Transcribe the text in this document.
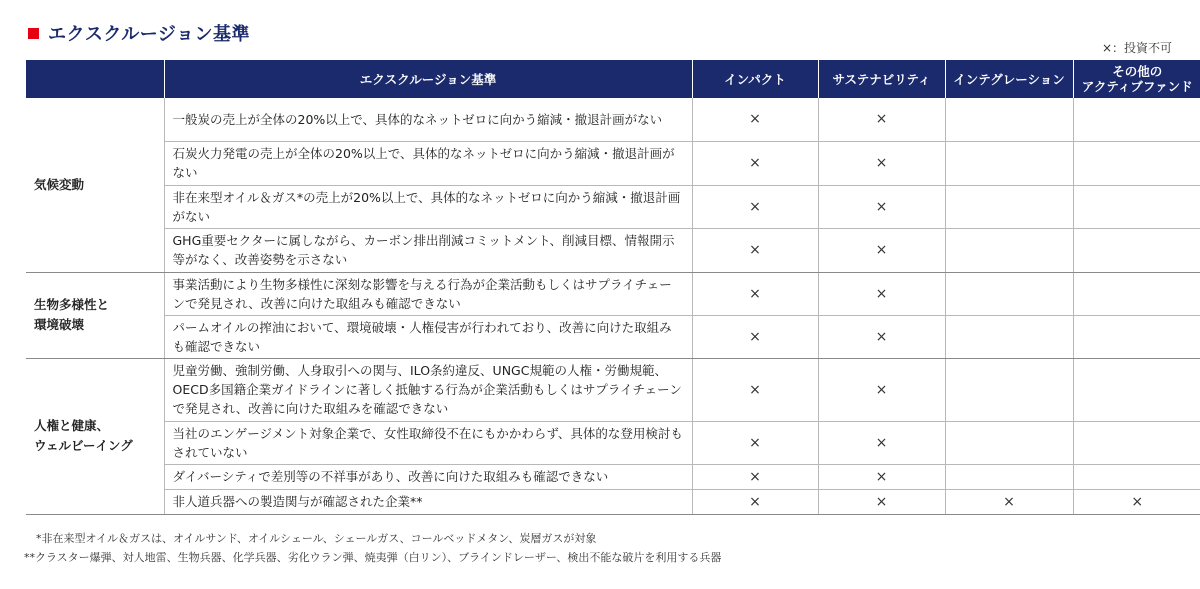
エクスクルージョン基準
×：投資不可
	エクスクルージョン基準	インパクト	サステナビリティ	インテグレーション	その他の
アクティブファンド
気候変動	一般炭の売上が全体の20%以上で、具体的なネットゼロに向かう縮減・撤退計画がない	×	×		
	石炭火力発電の売上が全体の20%以上で、具体的なネットゼロに向かう縮減・撤退計画がない	×	×		
	非在来型オイル＆ガス*の売上が20%以上で、具体的なネットゼロに向かう縮減・撤退計画がない	×	×		
	GHG重要セクターに属しながら、カーボン排出削減コミットメント、削減目標、情報開示等がなく、改善姿勢を示さない	×	×		
生物多様性と
環境破壊	事業活動により生物多様性に深刻な影響を与える行為が企業活動もしくはサプライチェーンで発見され、改善に向けた取組みも確認できない	×	×		
	パームオイルの搾油において、環境破壊・人権侵害が行われており、改善に向けた取組みも確認できない	×	×		
人権と健康、
ウェルビーイング	児童労働、強制労働、人身取引への関与、ILO条約違反、UNGC規範の人権・労働規範、OECD多国籍企業ガイドラインに著しく抵触する行為が企業活動もしくはサプライチェーンで発見され、改善に向けた取組みを確認できない	×	×		
	当社のエンゲージメント対象企業で、女性取締役不在にもかかわらず、具体的な登用検討もされていない	×	×		
	ダイバーシティで差別等の不祥事があり、改善に向けた取組みも確認できない	×	×		
	非人道兵器への製造関与が確認された企業**	×	×	×	×
*非在来型オイル＆ガスは、オイルサンド、オイルシェール、シェールガス、コールベッドメタン、炭層ガスが対象
**クラスター爆弾、対人地雷、生物兵器、化学兵器、劣化ウラン弾、焼夷弾（白リン）、ブラインドレーザー、検出不能な破片を利用する兵器
